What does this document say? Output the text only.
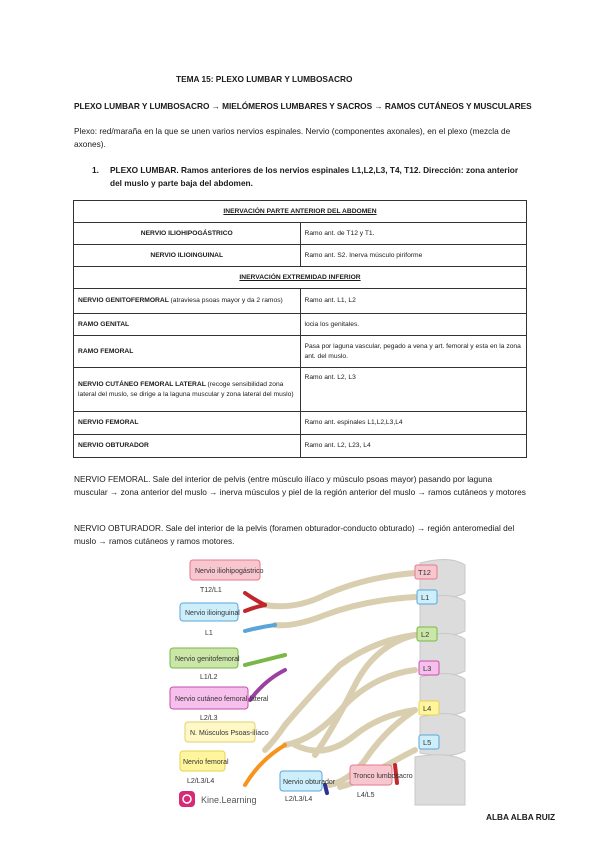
TEMA 15: PLEXO LUMBAR Y LUMBOSACRO
PLEXO LUMBAR Y LUMBOSACRO → MIELÓMEROS LUMBARES Y SACROS → RAMOS CUTÁNEOS Y MUSCULARES
Plexo: red/maraña en la que se unen varios nervios espinales. Nervio (componentes axonales), en el plexo (mezcla de axones).
1.	PLEXO LUMBAR. Ramos anteriores de los nervios espinales L1,L2,L3, T4, T12. Dirección: zona anterior del muslo y parte baja del abdomen.
INERVACIÓN PARTE ANTERIOR DEL ABDOMEN	
NERVIO ILIOHIPOGÁSTRICO	Ramo ant. de T12 y T1.
NERVIO ILIOINGUINAL	Ramo ant. S2. Inerva músculo piriforme
INERVACIÓN EXTREMIDAD INFERIOR	
NERVIO GENITOFERMORAL (atraviesa psoas mayor y da 2 ramos)	Ramo ant. L1, L2
RAMO GENITAL	locia los genitales.
RAMO FEMORAL	Pasa por laguna vascular, pegado a vena y art. femoral y esta en la zona ant. del muslo.
NERVIO CUTÁNEO FEMORAL LATERAL (recoge sensibilidad zona lateral del muslo, se dirige a la laguna muscular y zona lateral del muslo)	Ramo ant. L2, L3
NERVIO FEMORAL	Ramo ant. espinales L1,L2,L3,L4
NERVIO OBTURADOR	Ramo ant. L2, L23, L4
NERVIO FEMORAL. Sale del interior de pelvis (entre músculo ilíaco y músculo psoas mayor) pasando por laguna muscular → zona anterior del muslo → inerva músculos y piel de la región anterior del muslo → ramos cutáneos y motores
NERVIO OBTURADOR. Sale del interior de la pelvis (foramen obturador-conducto obturado) → región anteromedial del muslo → ramos cutáneos y ramos motores.
Nervio iliohipogástrico
T12/L1
Nervio ilioinguinal
L1
Nervio genitofemoral
L1/L2
Nervio cutáneo femoral lateral
L2/L3
N. Músculos Psoas-ilíaco
Nervio femoral
L2/L3/L4	Nervio obturador
L2/L3/L4
Tronco lumbosacro
L4/L5
T12
L1
L2
L3
L4
L5
Kine.Learning
ALBA ALBA RUIZ
